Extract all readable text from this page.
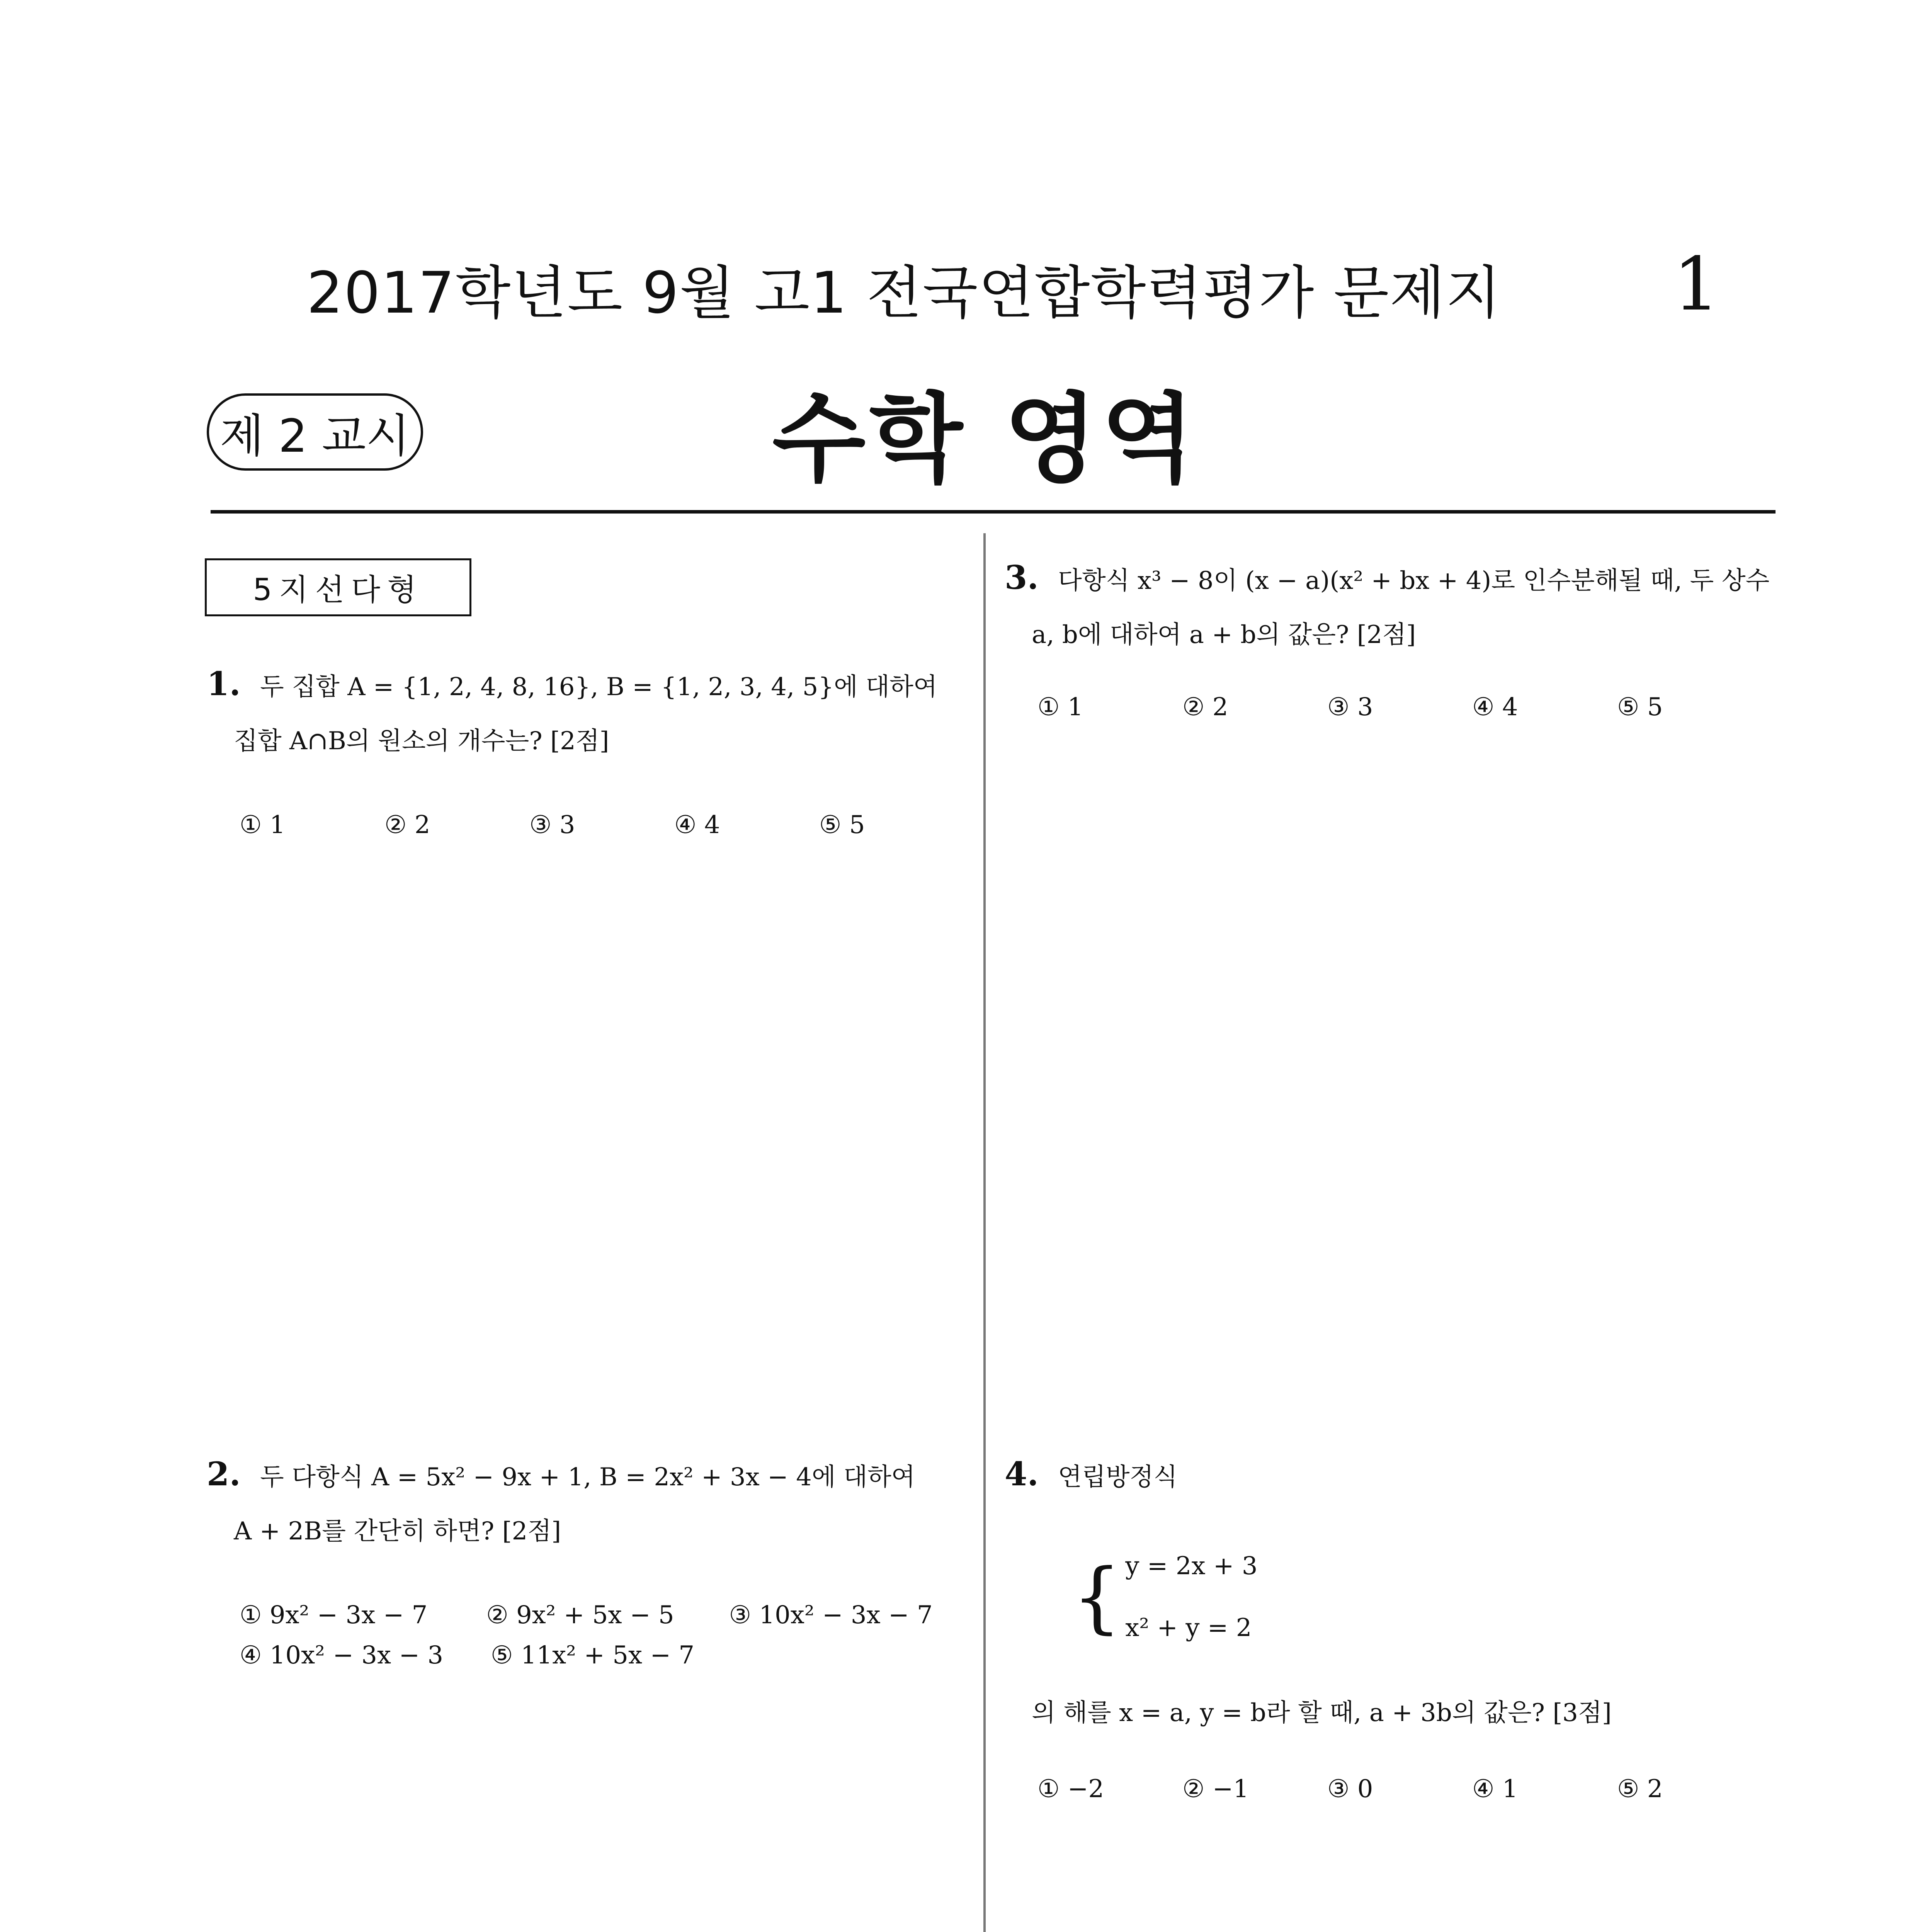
2017학년도 9월 고1 전국연합학력평가 문제지	1
제 2 교시	수학 영역
5지선다형
1. 두 집합 A = {1, 2, 4, 8, 16}, B = {1, 2, 3, 4, 5}에 대하여
집합 A∩B의 원소의 개수는? [2점]
① 1	② 2	③ 3	④ 4	⑤ 5
2. 두 다항식 A = 5x² − 9x + 1, B = 2x² + 3x − 4에 대하여
A + 2B를 간단히 하면? [2점]
① 9x² − 3x − 7	② 9x² + 5x − 5	③ 10x² − 3x − 7
④ 10x² − 3x − 3	⑤ 11x² + 5x − 7
3. 다항식 x³ − 8이 (x − a)(x² + bx + 4)로 인수분해될 때, 두 상수
a, b에 대하여 a + b의 값은? [2점]
① 1	② 2	③ 3	④ 4	⑤ 5
4. 연립방정식
{ y = 2x + 3
x² + y = 2
의 해를 x = a, y = b라 할 때, a + 3b의 값은? [3점]
① −2	② −1	③ 0	④ 1	⑤ 2
